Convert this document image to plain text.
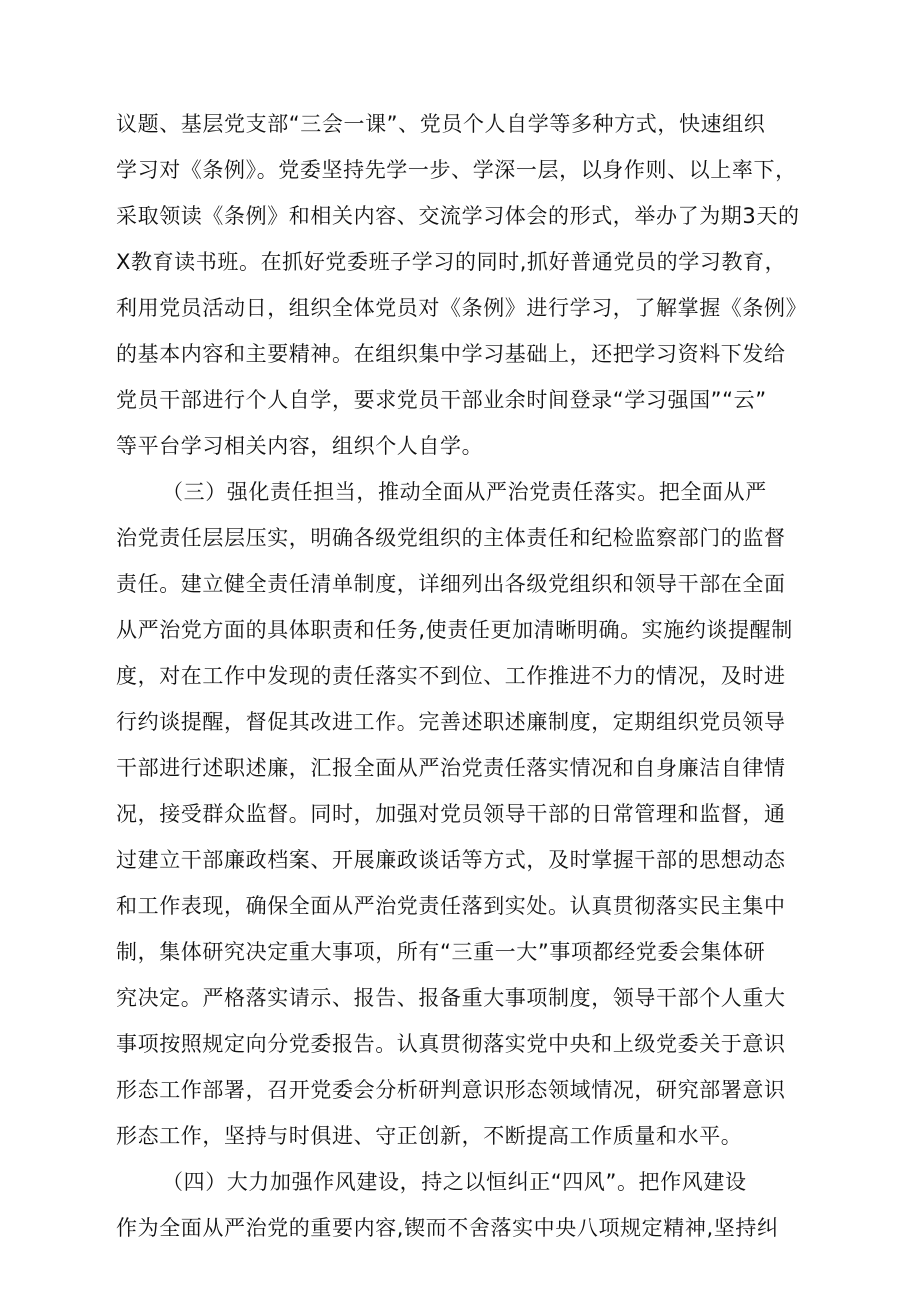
议题、基层党支部“三会一课”、党员个人自学等多种方式，快速组织
学习对《条例》。党委坚持先学一步、学深一层，以身作则、以上率下，
采取领读《条例》和相关内容、交流学习体会的形式，举办了为期3天的
X教育读书班。在抓好党委班子学习的同时,抓好普通党员的学习教育，
利用党员活动日，组织全体党员对《条例》进行学习，了解掌握《条例》
的基本内容和主要精神。在组织集中学习基础上，还把学习资料下发给
党员干部进行个人自学，要求党员干部业余时间登录“学习强国”“云”
等平台学习相关内容，组织个人自学。
（三）强化责任担当，推动全面从严治党责任落实。把全面从严
治党责任层层压实，明确各级党组织的主体责任和纪检监察部门的监督
责任。建立健全责任清单制度，详细列出各级党组织和领导干部在全面
从严治党方面的具体职责和任务,使责任更加清晰明确。实施约谈提醒制
度，对在工作中发现的责任落实不到位、工作推进不力的情况，及时进
行约谈提醒，督促其改进工作。完善述职述廉制度，定期组织党员领导
干部进行述职述廉，汇报全面从严治党责任落实情况和自身廉洁自律情
况，接受群众监督。同时，加强对党员领导干部的日常管理和监督，通
过建立干部廉政档案、开展廉政谈话等方式，及时掌握干部的思想动态
和工作表现，确保全面从严治党责任落到实处。认真贯彻落实民主集中
制，集体研究决定重大事项，所有“三重一大”事项都经党委会集体研
究决定。严格落实请示、报告、报备重大事项制度，领导干部个人重大
事项按照规定向分党委报告。认真贯彻落实党中央和上级党委关于意识
形态工作部署，召开党委会分析研判意识形态领域情况，研究部署意识
形态工作，坚持与时俱进、守正创新，不断提高工作质量和水平。
（四）大力加强作风建设，持之以恒纠正“四风”。把作风建设
作为全面从严治党的重要内容,锲而不舍落实中央八项规定精神,坚持纠
